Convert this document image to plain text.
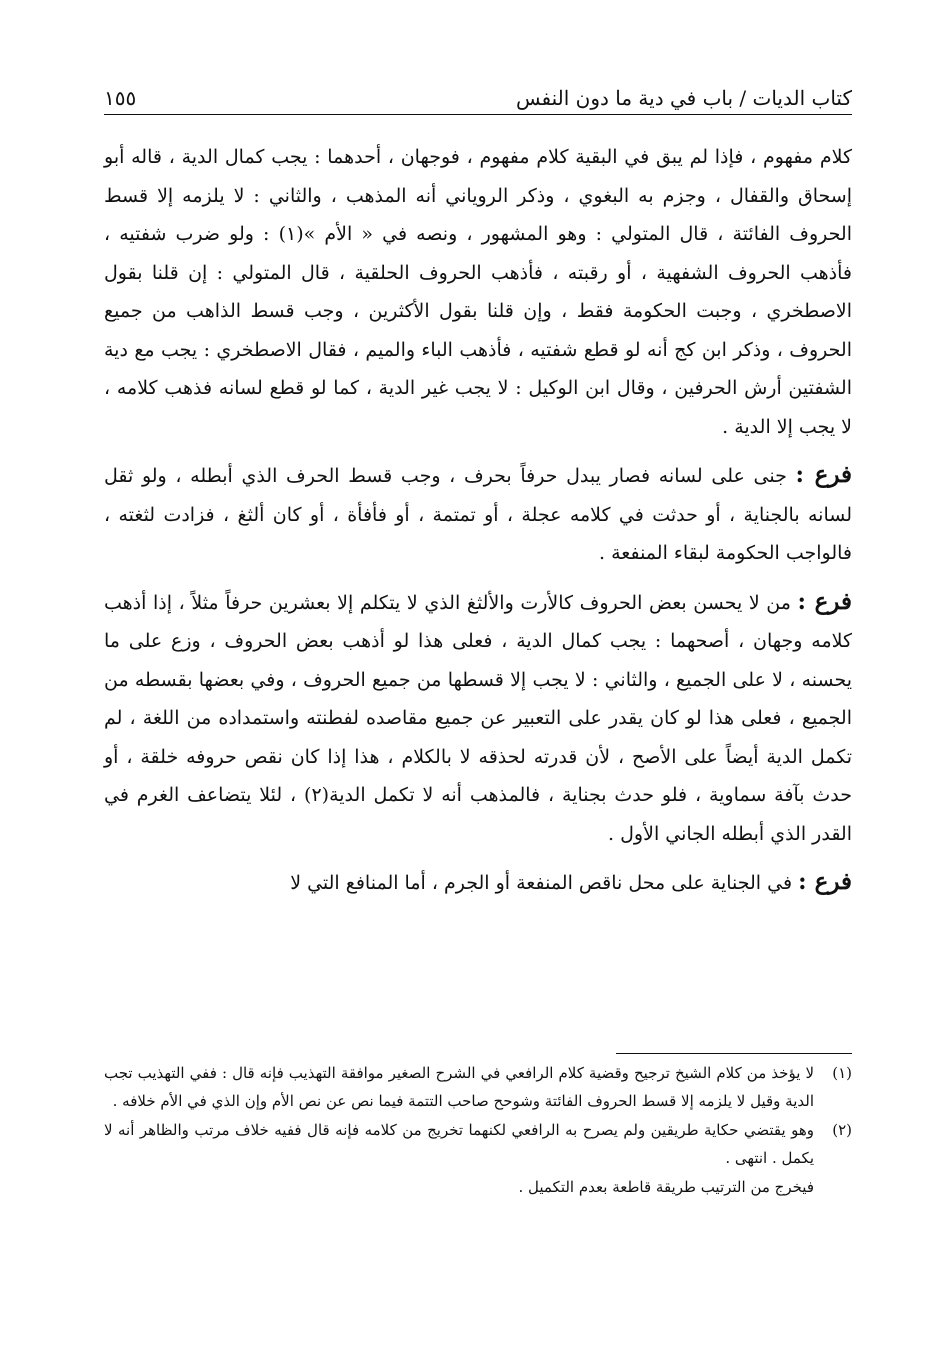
١٥٥	كتاب الديات / باب في دية ما دون النفس

كلام مفهوم ، فإذا لم يبق في البقية كلام مفهوم ، فوجهان ، أحدهما : يجب كمال الدية ، قاله أبو إسحاق والقفال ، وجزم به البغوي ، وذكر الروياني أنه المذهب ، والثاني : لا يلزمه إلا قسط الحروف الفائتة ، قال المتولي : وهو المشهور ، ونصه في « الأم »(١) : ولو ضرب شفتيه ، فأذهب الحروف الشفهية ، أو رقبته ، فأذهب الحروف الحلقية ، قال المتولي : إن قلنا بقول الاصطخري ، وجبت الحكومة فقط ، وإن قلنا بقول الأكثرين ، وجب قسط الذاهب من جميع الحروف ، وذكر ابن كج أنه لو قطع شفتيه ، فأذهب الباء والميم ، فقال الاصطخري : يجب مع دية الشفتين أرش الحرفين ، وقال ابن الوكيل : لا يجب غير الدية ، كما لو قطع لسانه فذهب كلامه ، لا يجب إلا الدية .

فرع : جنى على لسانه فصار يبدل حرفاً بحرف ، وجب قسط الحرف الذي أبطله ، ولو ثقل لسانه بالجناية ، أو حدثت في كلامه عجلة ، أو تمتمة ، أو فأفأة ، أو كان ألثغ ، فزادت لثغته ، فالواجب الحكومة لبقاء المنفعة .

فرع : من لا يحسن بعض الحروف كالأرت والألثغ الذي لا يتكلم إلا بعشرين حرفاً مثلاً ، إذا أذهب كلامه وجهان ، أصحهما : يجب كمال الدية ، فعلى هذا لو أذهب بعض الحروف ، وزع على ما يحسنه ، لا على الجميع ، والثاني : لا يجب إلا قسطها من جميع الحروف ، وفي بعضها بقسطه من الجميع ، فعلى هذا لو كان يقدر على التعبير عن جميع مقاصده لفطنته واستمداده من اللغة ، لم تكمل الدية أيضاً على الأصح ، لأن قدرته لحذقه لا بالكلام ، هذا إذا كان نقص حروفه خلقة ، أو حدث بآفة سماوية ، فلو حدث بجناية ، فالمذهب أنه لا تكمل الدية(٢) ، لئلا يتضاعف الغرم في القدر الذي أبطله الجاني الأول .

فرع : في الجناية على محل ناقص المنفعة أو الجرم ، أما المنافع التي لا

(١)
لا يؤخذ من كلام الشيخ ترجيح وقضية كلام الرافعي في الشرح الصغير موافقة التهذيب فإنه قال : ففي التهذيب تجب الدية وقيل لا يلزمه إلا قسط الحروف الفائتة وشوحح صاحب التتمة فيما نص عن نص الأم وإن الذي في الأم خلافه .
(٢)
وهو يقتضي حكاية طريقين ولم يصرح به الرافعي لكنهما تخريج من كلامه فإنه قال ففيه خلاف مرتب والظاهر أنه لا يكمل . انتهى .
فيخرج من الترتيب طريقة قاطعة بعدم التكميل .
